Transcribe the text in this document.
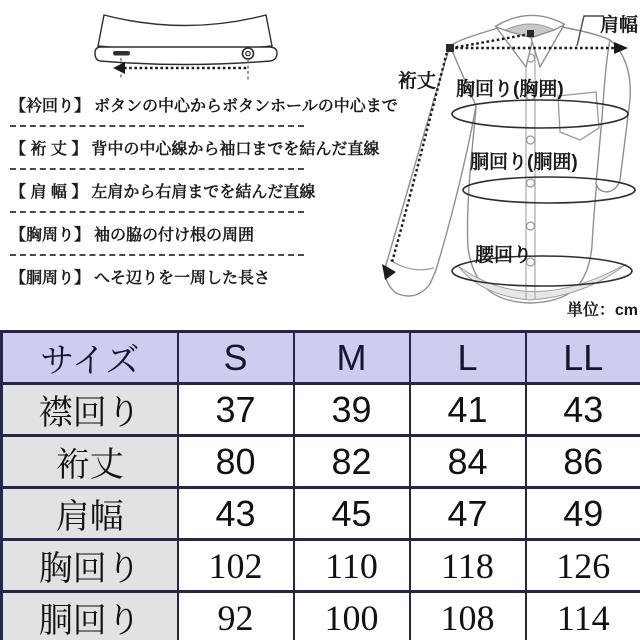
【衿回り】 ボタンの中心からボタンホールの中心まで
【 裄 丈 】 背中の中心線から袖口までを結んだ直線
【 肩 幅 】 左肩から右肩までを結んだ直線
【胸周り】 袖の脇の付け根の周囲
【胴周り】 へそ辺りを一周した長さ
肩幅
裄丈 胸回り(胸囲)
胴回り(胴囲)
腰回り
単位：cm
サイズ	S	M	L	LL
襟回り	37	39	41	43
裄丈	80	82	84	86
肩幅	43	45	47	49
胸回り	102	110	118	126
胴回り	92	100	108	114
